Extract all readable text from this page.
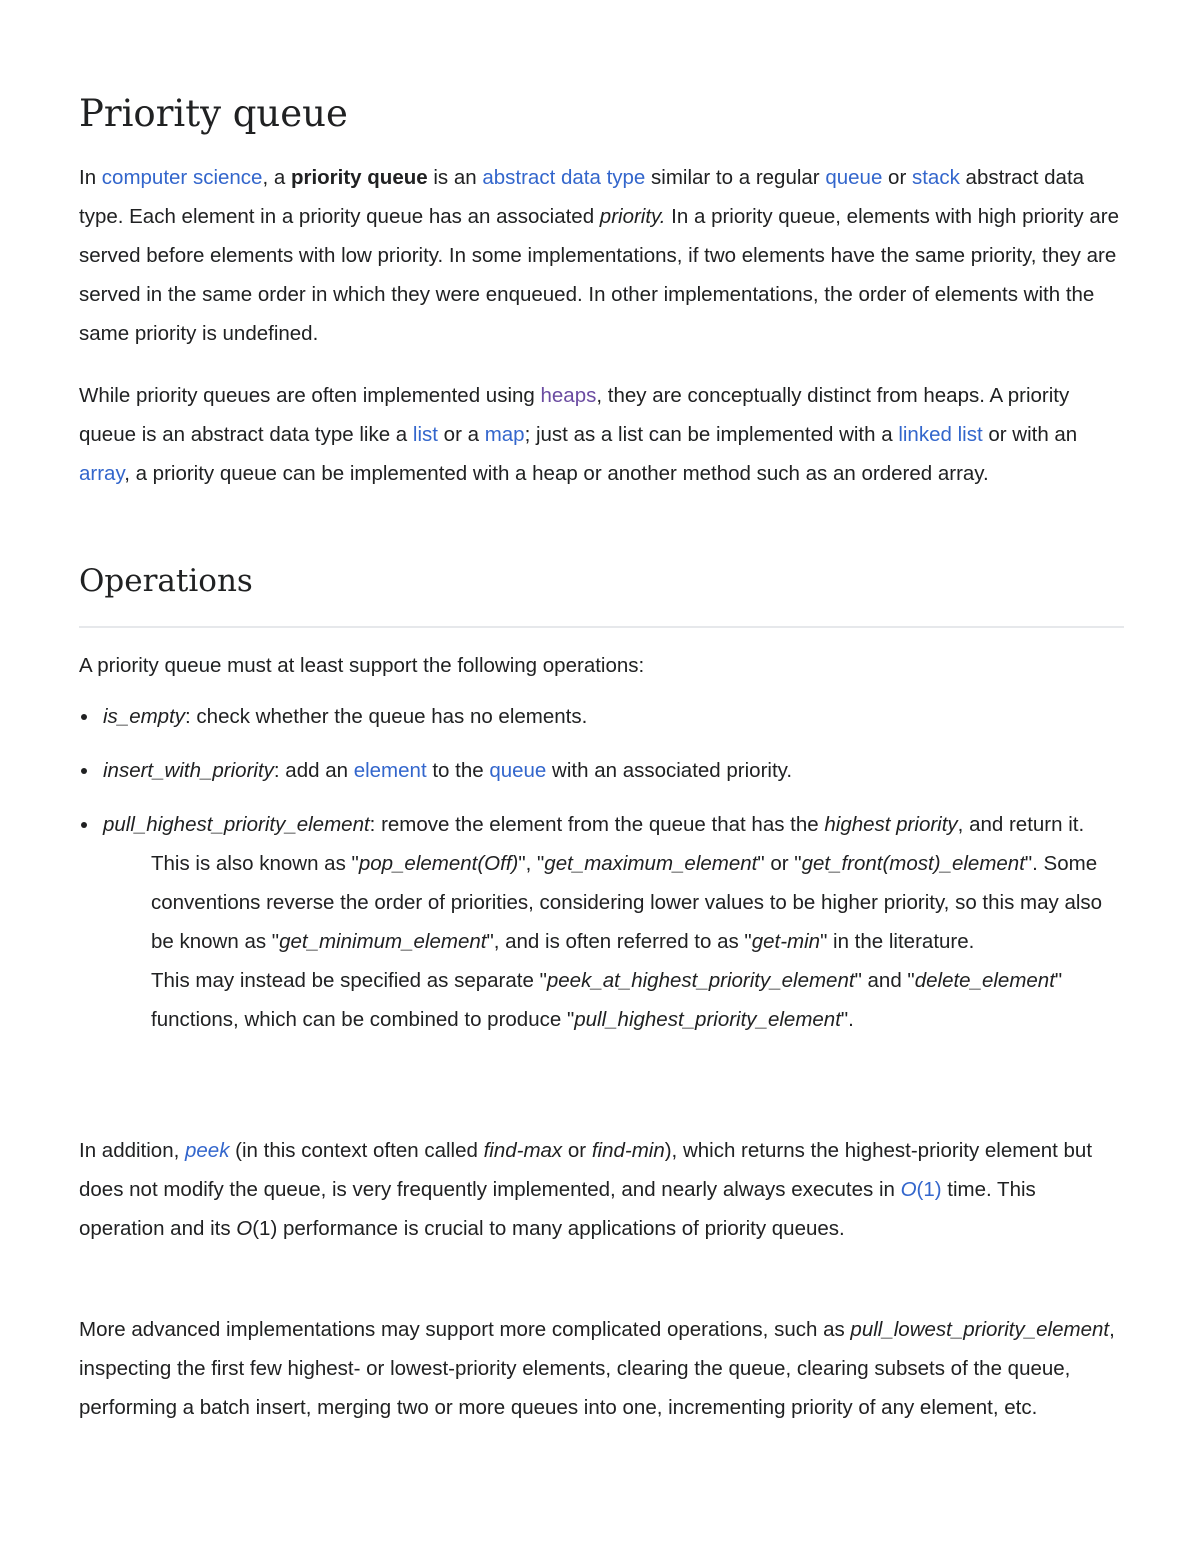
Priority queue

In computer science, a priority queue is an abstract data type similar to a regular queue or stack abstract data type. Each element in a priority queue has an associated priority. In a priority queue, elements with high priority are served before elements with low priority. In some implementations, if two elements have the same priority, they are served in the same order in which they were enqueued. In other implementations, the order of elements with the same priority is undefined.

While priority queues are often implemented using heaps, they are conceptually distinct from heaps. A priority queue is an abstract data type like a list or a map; just as a list can be implemented with a linked list or with an array, a priority queue can be implemented with a heap or another method such as an ordered array.

Operations

A priority queue must at least support the following operations:

is_empty: check whether the queue has no elements.
insert_with_priority: add an element to the queue with an associated priority.
pull_highest_priority_element: remove the element from the queue that has the highest priority, and return it.
This is also known as "pop_element(Off)", "get_maximum_element" or "get_front(most)_element". Some conventions reverse the order of priorities, considering lower values to be higher priority, so this may also be known as "get_minimum_element", and is often referred to as "get-min" in the literature.
This may instead be specified as separate "peek_at_highest_priority_element" and "delete_element" functions, which can be combined to produce "pull_highest_priority_element".

In addition, peek (in this context often called find-max or find-min), which returns the highest-priority element but does not modify the queue, is very frequently implemented, and nearly always executes in O(1) time. This operation and its O(1) performance is crucial to many applications of priority queues.

More advanced implementations may support more complicated operations, such as pull_lowest_priority_element, inspecting the first few highest- or lowest-priority elements, clearing the queue, clearing subsets of the queue, performing a batch insert, merging two or more queues into one, incrementing priority of any element, etc.
